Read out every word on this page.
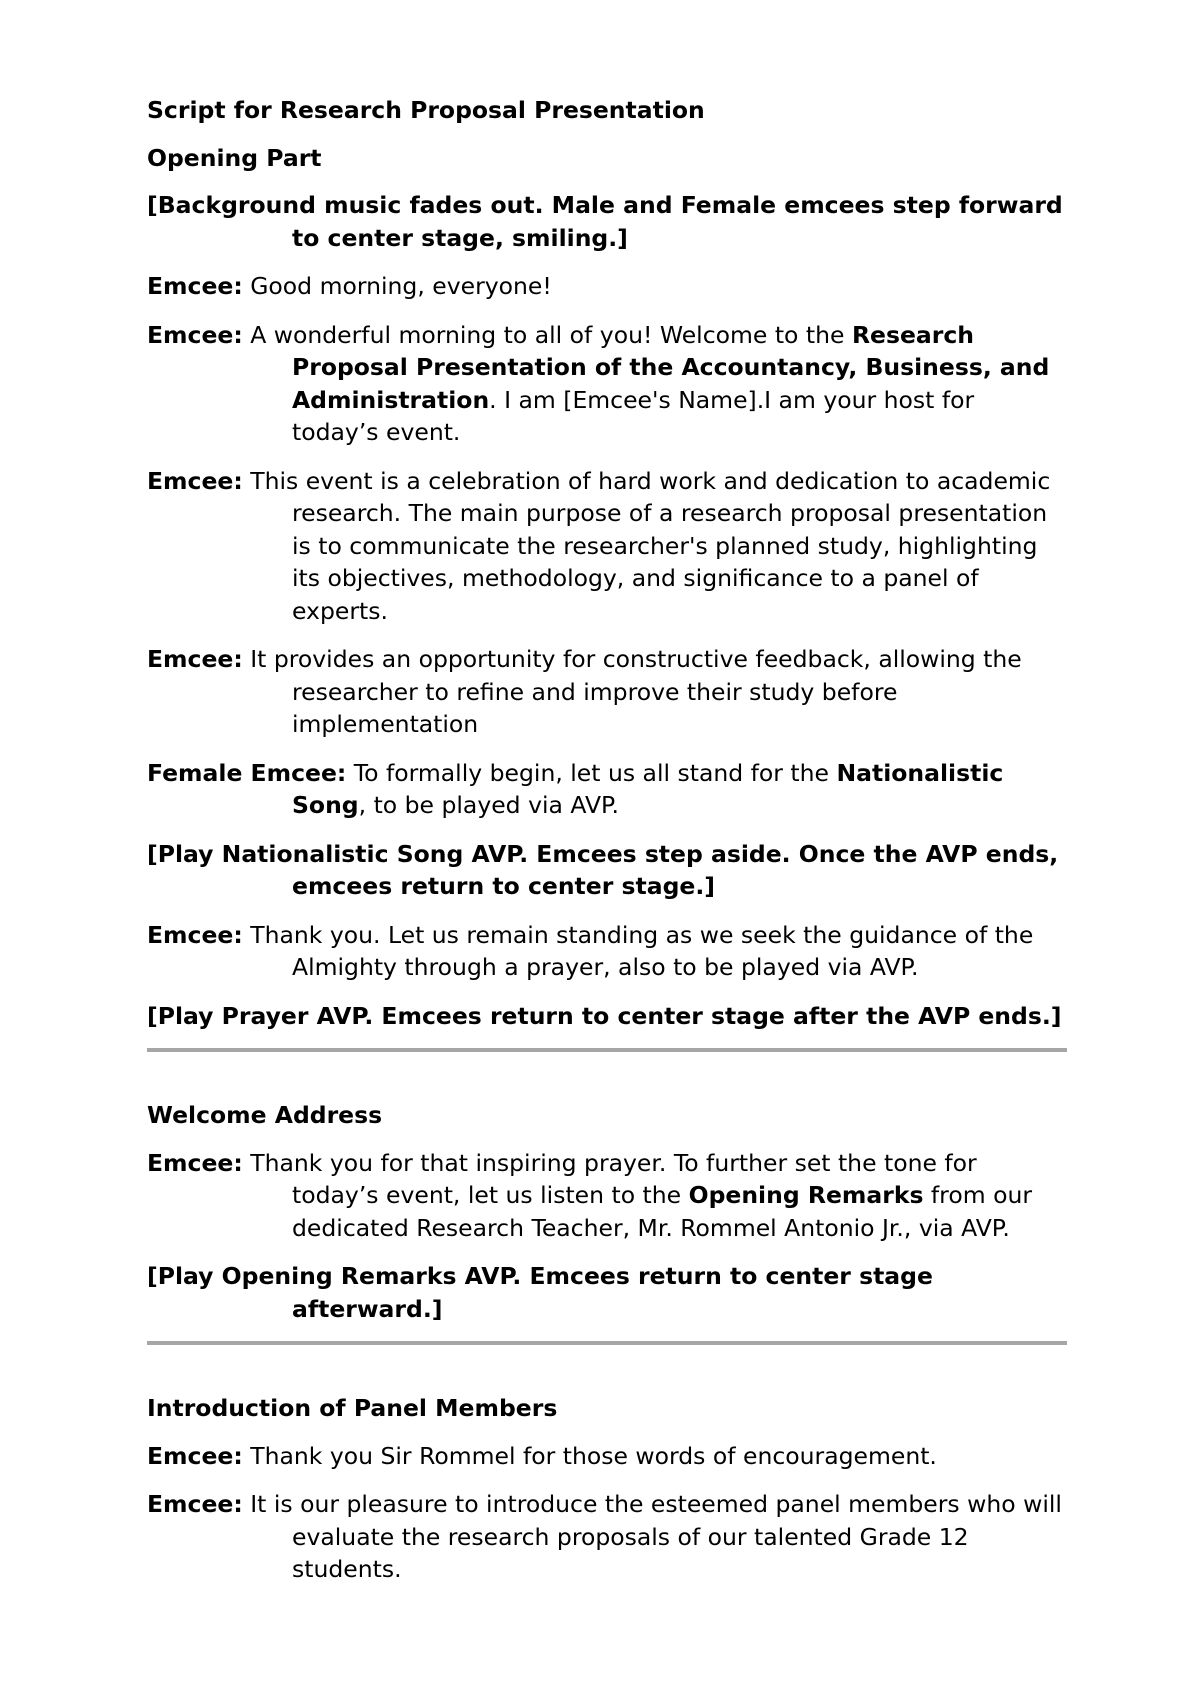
Script for Research Proposal Presentation
Opening Part
[Background music fades out. Male and Female emcees step forward to center stage, smiling.]
Emcee: Good morning, everyone!
Emcee: A wonderful morning to all of you! Welcome to the Research Proposal Presentation of the Accountancy, Business, and Administration. I am [Emcee's Name].I am your host for today’s event.
Emcee: This event is a celebration of hard work and dedication to academic research. The main purpose of a research proposal presentation is to communicate the researcher's planned study, highlighting its objectives, methodology, and significance to a panel of experts.
Emcee: It provides an opportunity for constructive feedback, allowing the researcher to refine and improve their study before implementation
Female Emcee: To formally begin, let us all stand for the Nationalistic Song, to be played via AVP.
[Play Nationalistic Song AVP. Emcees step aside. Once the AVP ends, emcees return to center stage.]
Emcee: Thank you. Let us remain standing as we seek the guidance of the Almighty through a prayer, also to be played via AVP.
[Play Prayer AVP. Emcees return to center stage after the AVP ends.]
Welcome Address
Emcee: Thank you for that inspiring prayer. To further set the tone for today’s event, let us listen to the Opening Remarks from our dedicated Research Teacher, Mr. Rommel Antonio Jr., via AVP.
[Play Opening Remarks AVP. Emcees return to center stage afterward.]
Introduction of Panel Members
Emcee: Thank you Sir Rommel for those words of encouragement.
Emcee: It is our pleasure to introduce the esteemed panel members who will evaluate the research proposals of our talented Grade 12 students.
